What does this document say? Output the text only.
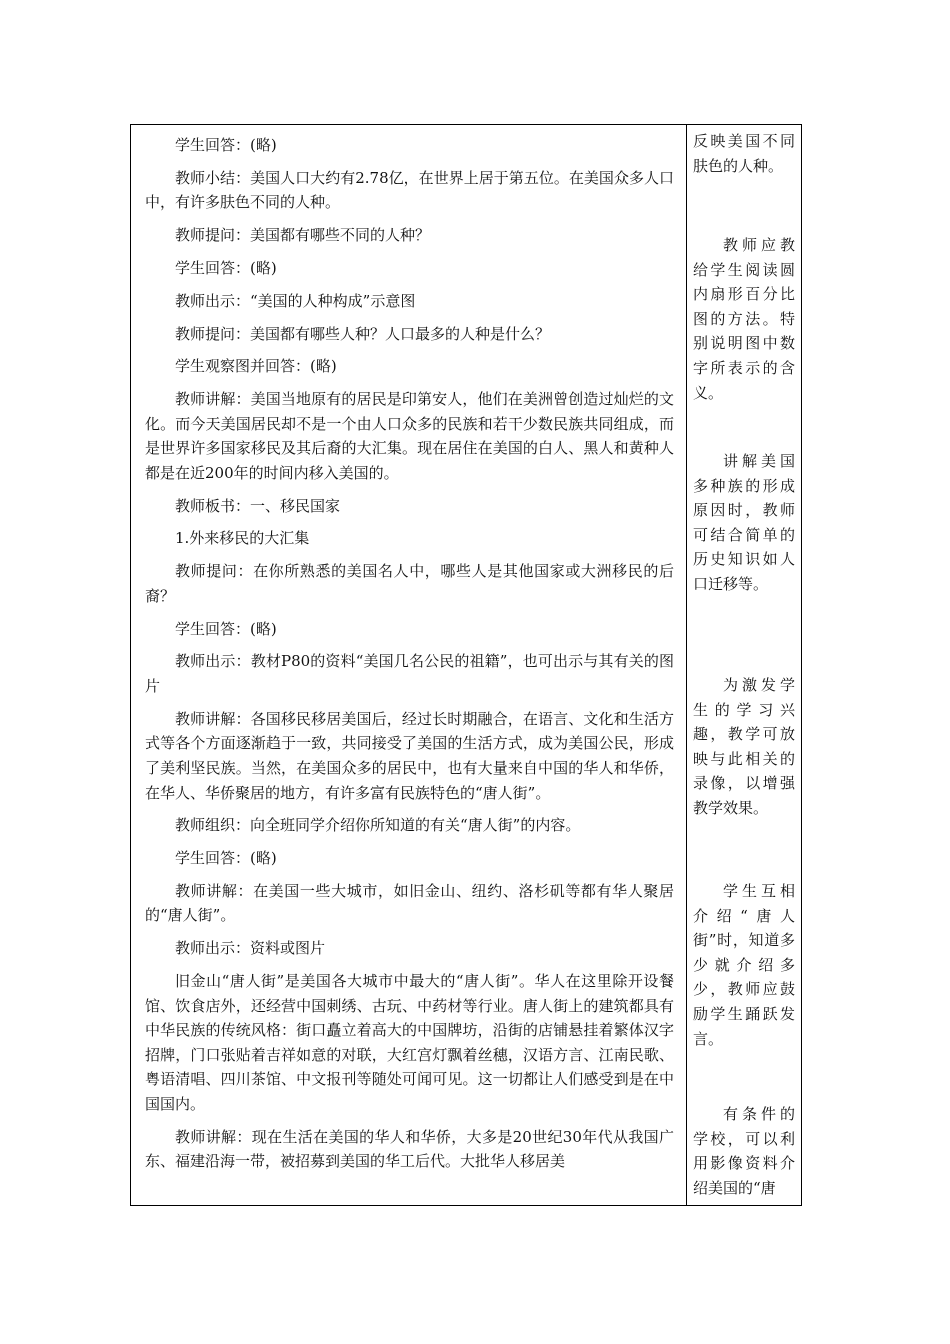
学生回答：(略)

教师小结：美国人口大约有2.78亿，在世界上居于第五位。在美国众多人口中，有许多肤色不同的人种。

教师提问：美国都有哪些不同的人种？

学生回答：(略)

教师出示：“美国的人种构成”示意图

教师提问：美国都有哪些人种？人口最多的人种是什么？

学生观察图并回答：(略)

教师讲解：美国当地原有的居民是印第安人，他们在美洲曾创造过灿烂的文化。而今天美国居民却不是一个由人口众多的民族和若干少数民族共同组成，而是世界许多国家移民及其后裔的大汇集。现在居住在美国的白人、黑人和黄种人都是在近200年的时间内移入美国的。

教师板书：一、移民国家

1.外来移民的大汇集

教师提问：在你所熟悉的美国名人中，哪些人是其他国家或大洲移民的后裔？

学生回答：(略)

教师出示：教材P80的资料“美国几名公民的祖籍”，也可出示与其有关的图片

教师讲解：各国移民移居美国后，经过长时期融合，在语言、文化和生活方式等各个方面逐渐趋于一致，共同接受了美国的生活方式，成为美国公民，形成了美利坚民族。当然，在美国众多的居民中，也有大量来自中国的华人和华侨，在华人、华侨聚居的地方，有许多富有民族特色的“唐人街”。

教师组织：向全班同学介绍你所知道的有关“唐人街”的内容。

学生回答：(略)

教师讲解：在美国一些大城市，如旧金山、纽约、洛杉矶等都有华人聚居的“唐人街”。

教师出示：资料或图片

旧金山“唐人街”是美国各大城市中最大的“唐人街”。华人在这里除开设餐馆、饮食店外，还经营中国刺绣、古玩、中药材等行业。唐人街上的建筑都具有中华民族的传统风格：街口矗立着高大的中国牌坊，沿街的店铺悬挂着繁体汉字招牌，门口张贴着吉祥如意的对联，大红宫灯飘着丝穗，汉语方言、江南民歌、粤语清唱、四川茶馆、中文报刊等随处可闻可见。这一切都让人们感受到是在中国国内。

教师讲解：现在生活在美国的华人和华侨，大多是20世纪30年代从我国广东、福建沿海一带，被招募到美国的华工后代。大批华人移居美

反映美国不同肤色的人种。

教师应教给学生阅读圆内扇形百分比图的方法。特别说明图中数字所表示的含义。

讲解美国多种族的形成原因时，教师可结合简单的历史知识如人口迁移等。

为激发学生的学习兴趣，教学可放映与此相关的录像，以增强教学效果。

学生互相介绍“唐人街”时，知道多少就介绍多少，教师应鼓励学生踊跃发言。

有条件的学校，可以利用影像资料介绍美国的“唐
